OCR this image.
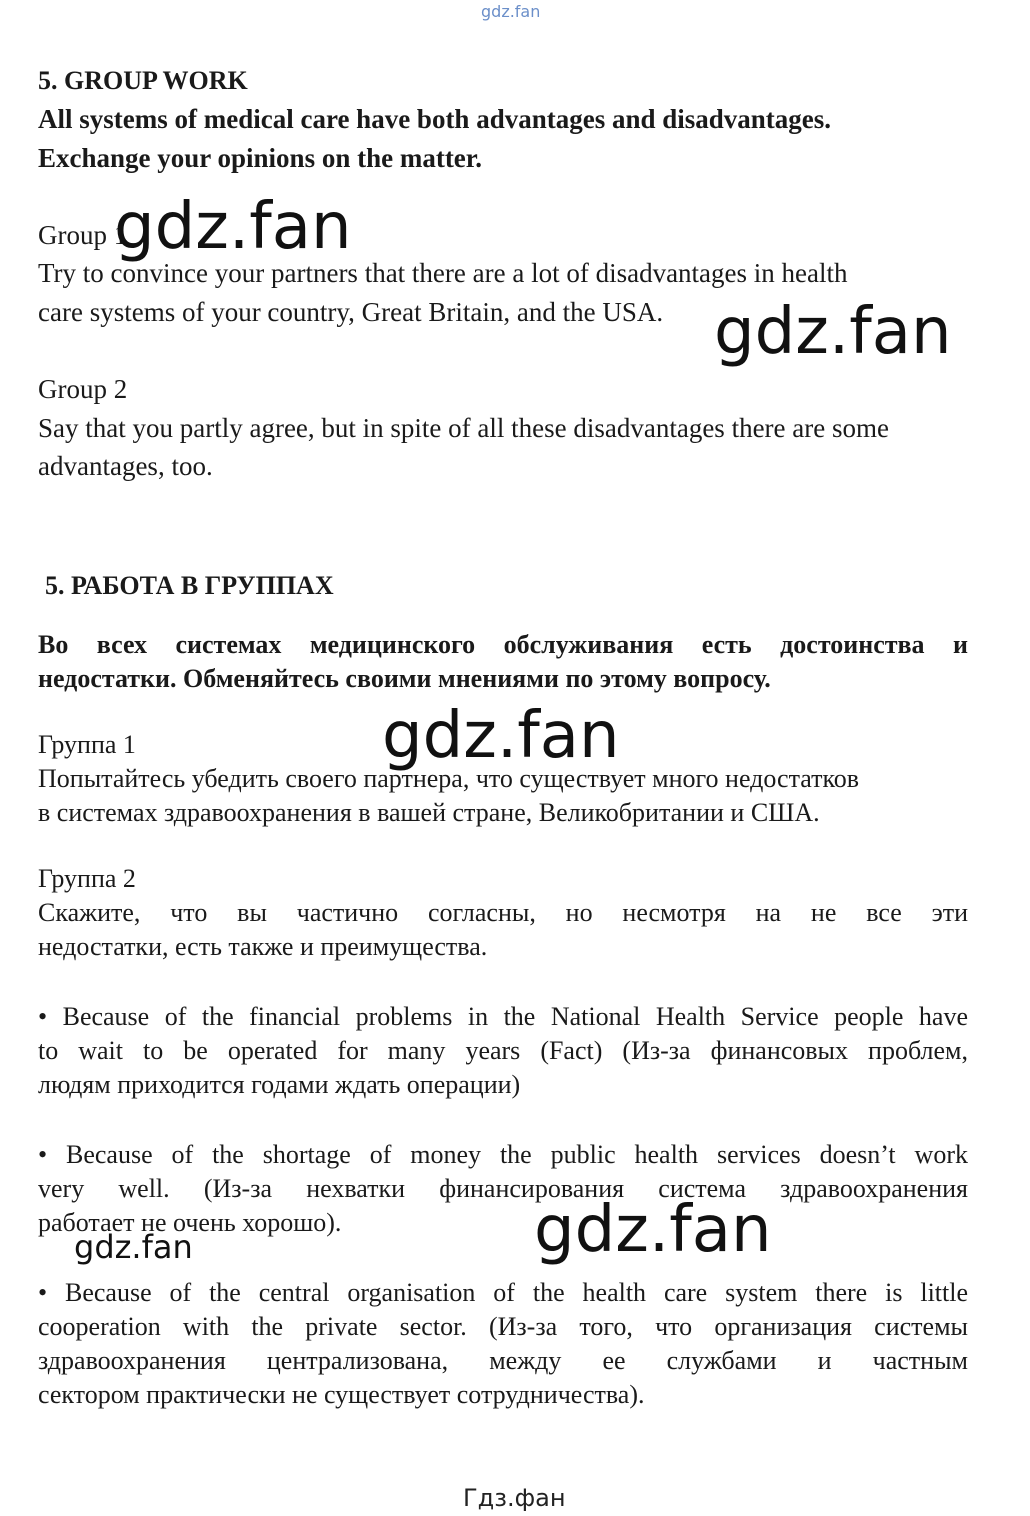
gdz.fan
5. GROUP WORK
All systems of medical care have both advantages and disadvantages.
Exchange your opinions on the matter.
Group 1
Try to convince your partners that there are a lot of disadvantages in health
care systems of your country, Great Britain, and the USA.
Group 2
Say that you partly agree, but in spite of all these disadvantages there are some
advantages, too.
5. РАБОТА В ГРУППАХ
Во всех системах медицинского обслуживания есть достоинства и
недостатки. Обменяйтесь своими мнениями по этому вопросу.
Группа 1
Попытайтесь убедить своего партнера, что существует много недостатков
в системах здравоохранения в вашей стране, Великобритании и США.
Группа 2
Скажите, что вы частично согласны, но несмотря на не все эти
недостатки, есть также и преимущества.
• Because of the financial problems in the National Health Service people have
to wait to be operated for many years (Fact) (Из-за финансовых проблем,
людям приходится годами ждать операции)
• Because of the shortage of money the public health services doesn’t work
very well. (Из-за нехватки финансирования система здравоохранения
работает не очень хорошо).
• Because of the central organisation of the health care system there is little
cooperation with the private sector. (Из-за того, что организация системы
здравоохранения централизована, между ее службами и частным
сектором практически не существует сотрудничества).
gdz.fan
gdz.fan
gdz.fan
gdz.fan
gdz.fan
Гдз.фан
